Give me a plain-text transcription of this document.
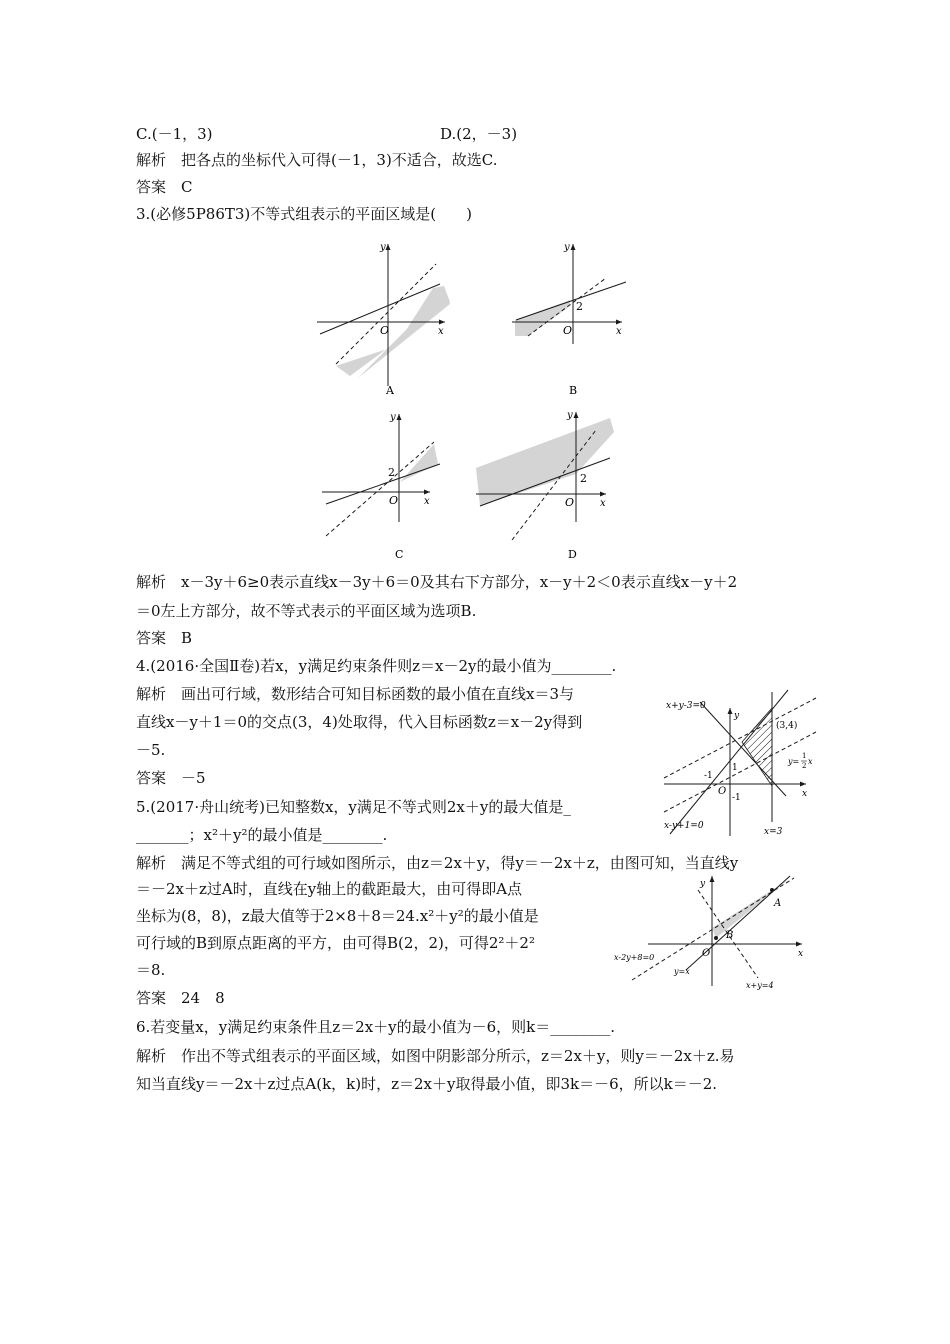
C.(－1，3)	D.(2，－3)
解析　把各点的坐标代入可得(－1，3)不适合，故选C.
答案　C
3.(必修5P86T3)不等式组表示的平面区域是(　　)
O	x
y
A
2
O	x
y
B
2
O	x
y
C
2
O	x
y
D
解析　x－3y＋6≥0表示直线x－3y＋6＝0及其右下方部分，x－y＋2＜0表示直线x－y＋2
＝0左上方部分，故不等式表示的平面区域为选项B.
答案　B
4.(2016·全国Ⅱ卷)若x，y满足约束条件则z＝x－2y的最小值为________.
解析　画出可行域，数形结合可知目标函数的最小值在直线x＝3与
直线x－y＋1＝0的交点(3，4)处取得，代入目标函数z＝x－2y得到
－5.
答案　－5
5.(2017·舟山统考)已知整数x，y满足不等式则2x＋y的最大值是_
_______；x²＋y²的最小值是________.
x+y-3=0
x-y+1=0
x=3
(3,4)
y=
1
2 x
O	x
y
-1
1
-1
解析　满足不等式组的可行域如图所示，由z＝2x＋y，得y＝－2x＋z，由图可知，当直线y
＝－2x＋z过A时，直线在y轴上的截距最大，由可得即A点
坐标为(8，8)，z最大值等于2×8＋8＝24.x²＋y²的最小值是
可行域的B到原点距离的平方，由可得B(2，2)，可得2²＋2²
＝8.
答案　24　8
A
B
O	x
y
x-2y+8=0
y=x
x+y=4
6.若变量x，y满足约束条件且z＝2x＋y的最小值为－6，则k＝________.
解析　作出不等式组表示的平面区域，如图中阴影部分所示，z＝2x＋y，则y＝－2x＋z.易
知当直线y＝－2x＋z过点A(k，k)时，z＝2x＋y取得最小值，即3k＝－6，所以k＝－2.
